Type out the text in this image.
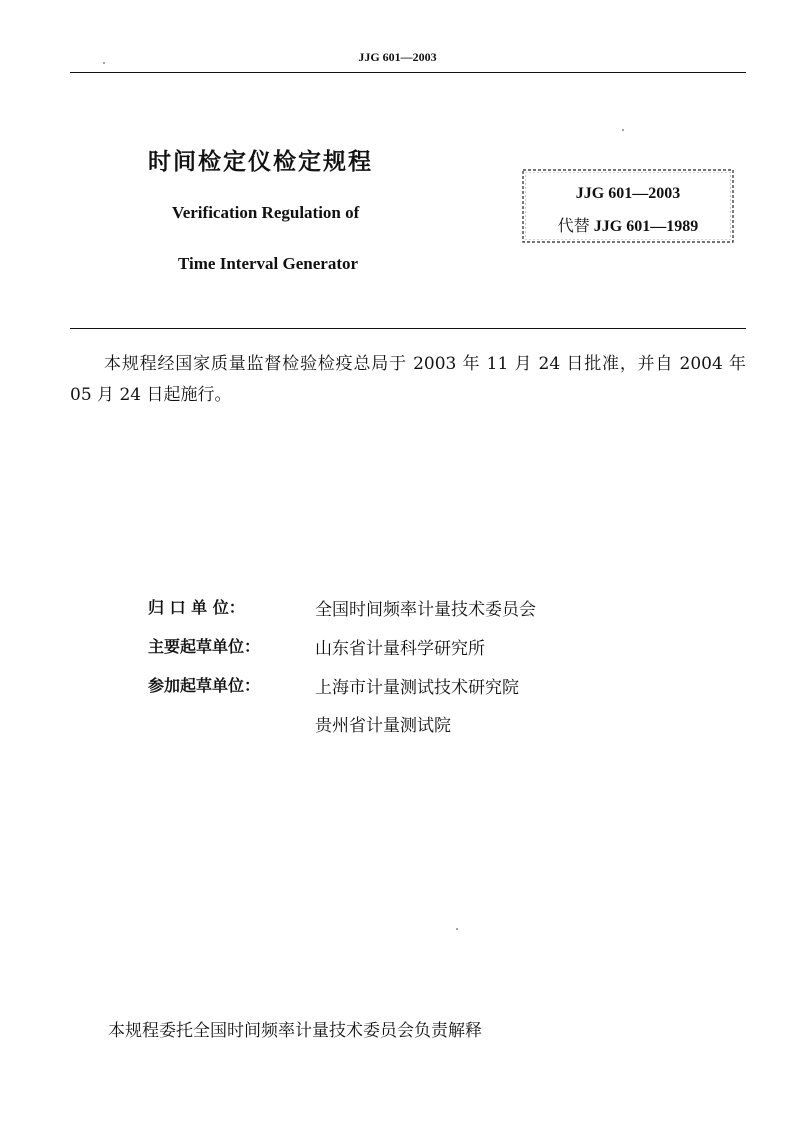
JJG 601—2003
时间检定仪检定规程
Verification Regulation of
Time Interval Generator
JJG 601—2003
代替 JJG 601—1989
本规程经国家质量监督检验检疫总局于 2003 年 11 月 24 日批准，并自 2004 年 05 月 24 日起施行。
归 口 单 位：	全国时间频率计量技术委员会
主要起草单位：	山东省计量科学研究所
参加起草单位：	上海市计量测试技术研究院
贵州省计量测试院
本规程委托全国时间频率计量技术委员会负责解释
